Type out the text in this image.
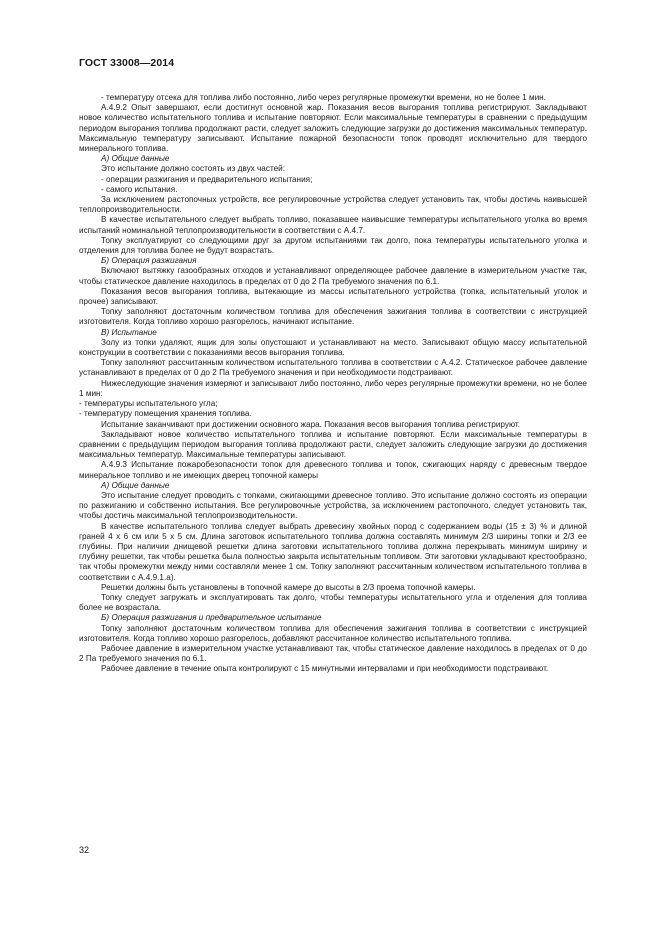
ГОСТ 33008—2014

- температуру отсека для топлива либо постоянно, либо через регулярные промежутки времени, но не более 1 мин.

А.4.9.2 Опыт завершают, если достигнут основной жар. Показания весов выгорания топлива регистрируют. Закладывают новое количество испытательного топлива и испытание повторяют. Если максимальные температуры в сравнении с предыдущим периодом выгорания топлива продолжают расти, следует заложить следующие загрузки до достижения максимальных температур. Максимальную температуру записывают. Испытание пожарной безопасности топок проводят исключительно для твердого минерального топлива.

А) Общие данные

Это испытание должно состоять из двух частей:

- операции разжигания и предварительного испытания;

- самого испытания.

За исключением растопочных устройств, все регулировочные устройства следует установить так, чтобы достичь наивысшей теплопроизводительности.

В качестве испытательного следует выбрать топливо, показавшее наивысшие температуры испытательного уголка во время испытаний номинальной теплопроизводительности в соответствии с А.4.7.

Топку эксплуатируют со следующими друг за другом испытаниями так долго, пока температуры испытательного уголка и отделения для топлива более не будут возрастать.

Б) Операция разжигания

Включают вытяжку газообразных отходов и устанавливают определяющее рабочее давление в измерительном участке так, чтобы статическое давление находилось в пределах от 0 до 2 Па требуемого значения по 6.1.

Показания весов выгорания топлива, вытекающие из массы испытательного устройства (топка, испытательный уголок и прочее) записывают.

Топку заполняют достаточным количеством топлива для обеспечения зажигания топлива в соответствии с инструкцией изготовителя. Когда топливо хорошо разгорелось, начинают испытание.

В) Испытание

Золу из топки удаляют, ящик для золы опустошают и устанавливают на место. Записывают общую массу испытательной конструкции в соответствии с показаниями весов выгорания топлива.

Топку заполняют рассчитанным количеством испытательного топлива в соответствии с А.4.2. Статическое рабочее давление устанавливают в пределах от 0 до 2 Па требуемого значения и при необходимости подстраивают.

Нижеследующие значения измеряют и записывают либо постоянно, либо через регулярные промежутки времени, но не более 1 мин:

- температуры испытательного угла;

- температуру помещения хранения топлива.

Испытание заканчивают при достижении основного жара. Показания весов выгорания топлива регистрируют.

Закладывают новое количество испытательного топлива и испытание повторяют. Если максимальные температуры в сравнении с предыдущим периодом выгорания топлива продолжают расти, следует заложить следующие загрузки до достижения максимальных температур. Максимальные температуры записывают.

А.4.9.3 Испытание пожаробезопасности топок для древесного топлива и топок, сжигающих наряду с древесным твердое минеральное топливо и не имеющих дверец топочной камеры

А) Общие данные

Это испытание следует проводить с топками, сжигающими древесное топливо. Это испытание должно состоять из операции по разжиганию и собственно испытания. Все регулировочные устройства, за исключением растопочного, следует установить так, чтобы достичь максимальной теплопроизводительности.

В качестве испытательного топлива следует выбрать древесину хвойных пород с содержанием воды (15 ± 3) % и длиной граней 4 х 6 см или 5 х 5 см. Длина заготовок испытательного топлива должна составлять минимум 2/3 ширины топки и 2/3 ее глубины. При наличии днищевой решетки длина заготовки испытательного топлива должна перекрывать минимум ширину и глубину решетки, так чтобы решетка была полностью закрыта испытательным топливом. Эти заготовки укладывают крестообразно, так чтобы промежутки между ними составляли менее 1 см. Топку заполняют рассчитанным количеством испытательного топлива в соответствии с А.4.9.1.а).

Решетки должны быть установлены в топочной камере до высоты в 2/3 проема топочной камеры.

Топку следует загружать и эксплуатировать так долго, чтобы температуры испытательного угла и отделения для топлива более не возрастала.

Б) Операция разжигания и предварительное испытание

Топку заполняют достаточным количеством топлива для обеспечения зажигания топлива в соответствии с инструкцией изготовителя. Когда топливо хорошо разгорелось, добавляют рассчитанное количество испытательного топлива.

Рабочее давление в измерительном участке устанавливают так, чтобы статическое давление находилось в пределах от 0 до 2 Па требуемого значения по 6.1.

Рабочее давление в течение опыта контролируют с 15 минутными интервалами и при необходимости подстраивают.

32
